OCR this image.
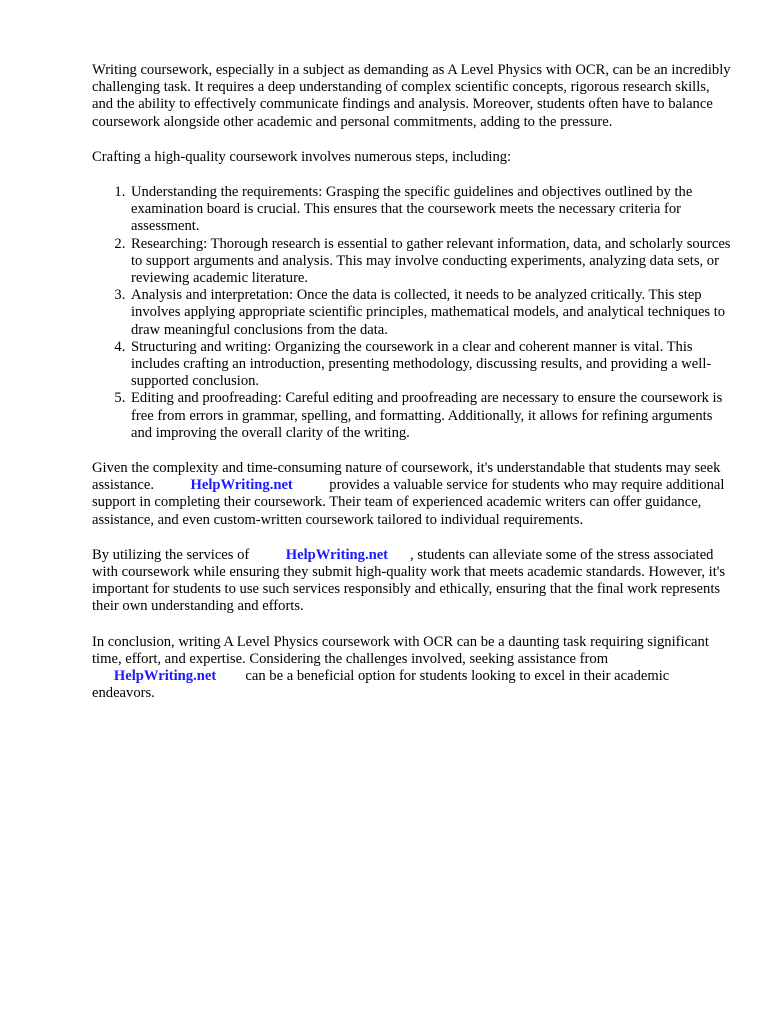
Writing coursework, especially in a subject as demanding as A Level Physics with OCR, can be an incredibly challenging task. It requires a deep understanding of complex scientific concepts, rigorous research skills, and the ability to effectively communicate findings and analysis. Moreover, students often have to balance coursework alongside other academic and personal commitments, adding to the pressure.

Crafting a high-quality coursework involves numerous steps, including:

1. Understanding the requirements: Grasping the specific guidelines and objectives outlined by the examination board is crucial. This ensures that the coursework meets the necessary criteria for assessment.
2. Researching: Thorough research is essential to gather relevant information, data, and scholarly sources to support arguments and analysis. This may involve conducting experiments, analyzing data sets, or reviewing academic literature.
3. Analysis and interpretation: Once the data is collected, it needs to be analyzed critically. This step involves applying appropriate scientific principles, mathematical models, and analytical techniques to draw meaningful conclusions from the data.
4. Structuring and writing: Organizing the coursework in a clear and coherent manner is vital. This includes crafting an introduction, presenting methodology, discussing results, and providing a well-supported conclusion.
5. Editing and proofreading: Careful editing and proofreading are necessary to ensure the coursework is free from errors in grammar, spelling, and formatting. Additionally, it allows for refining arguments and improving the overall clarity of the writing.

Given the complexity and time-consuming nature of coursework, it's understandable that students may seek assistance. HelpWriting.net provides a valuable service for students who may require additional support in completing their coursework. Their team of experienced academic writers can offer guidance, assistance, and even custom-written coursework tailored to individual requirements.

By utilizing the services of HelpWriting.net , students can alleviate some of the stress associated with coursework while ensuring they submit high-quality work that meets academic standards. However, it's important for students to use such services responsibly and ethically, ensuring that the final work represents their own understanding and efforts.

In conclusion, writing A Level Physics coursework with OCR can be a daunting task requiring significant time, effort, and expertise. Considering the challenges involved, seeking assistance from      HelpWriting.net can be a beneficial option for students looking to excel in their academic endeavors.
